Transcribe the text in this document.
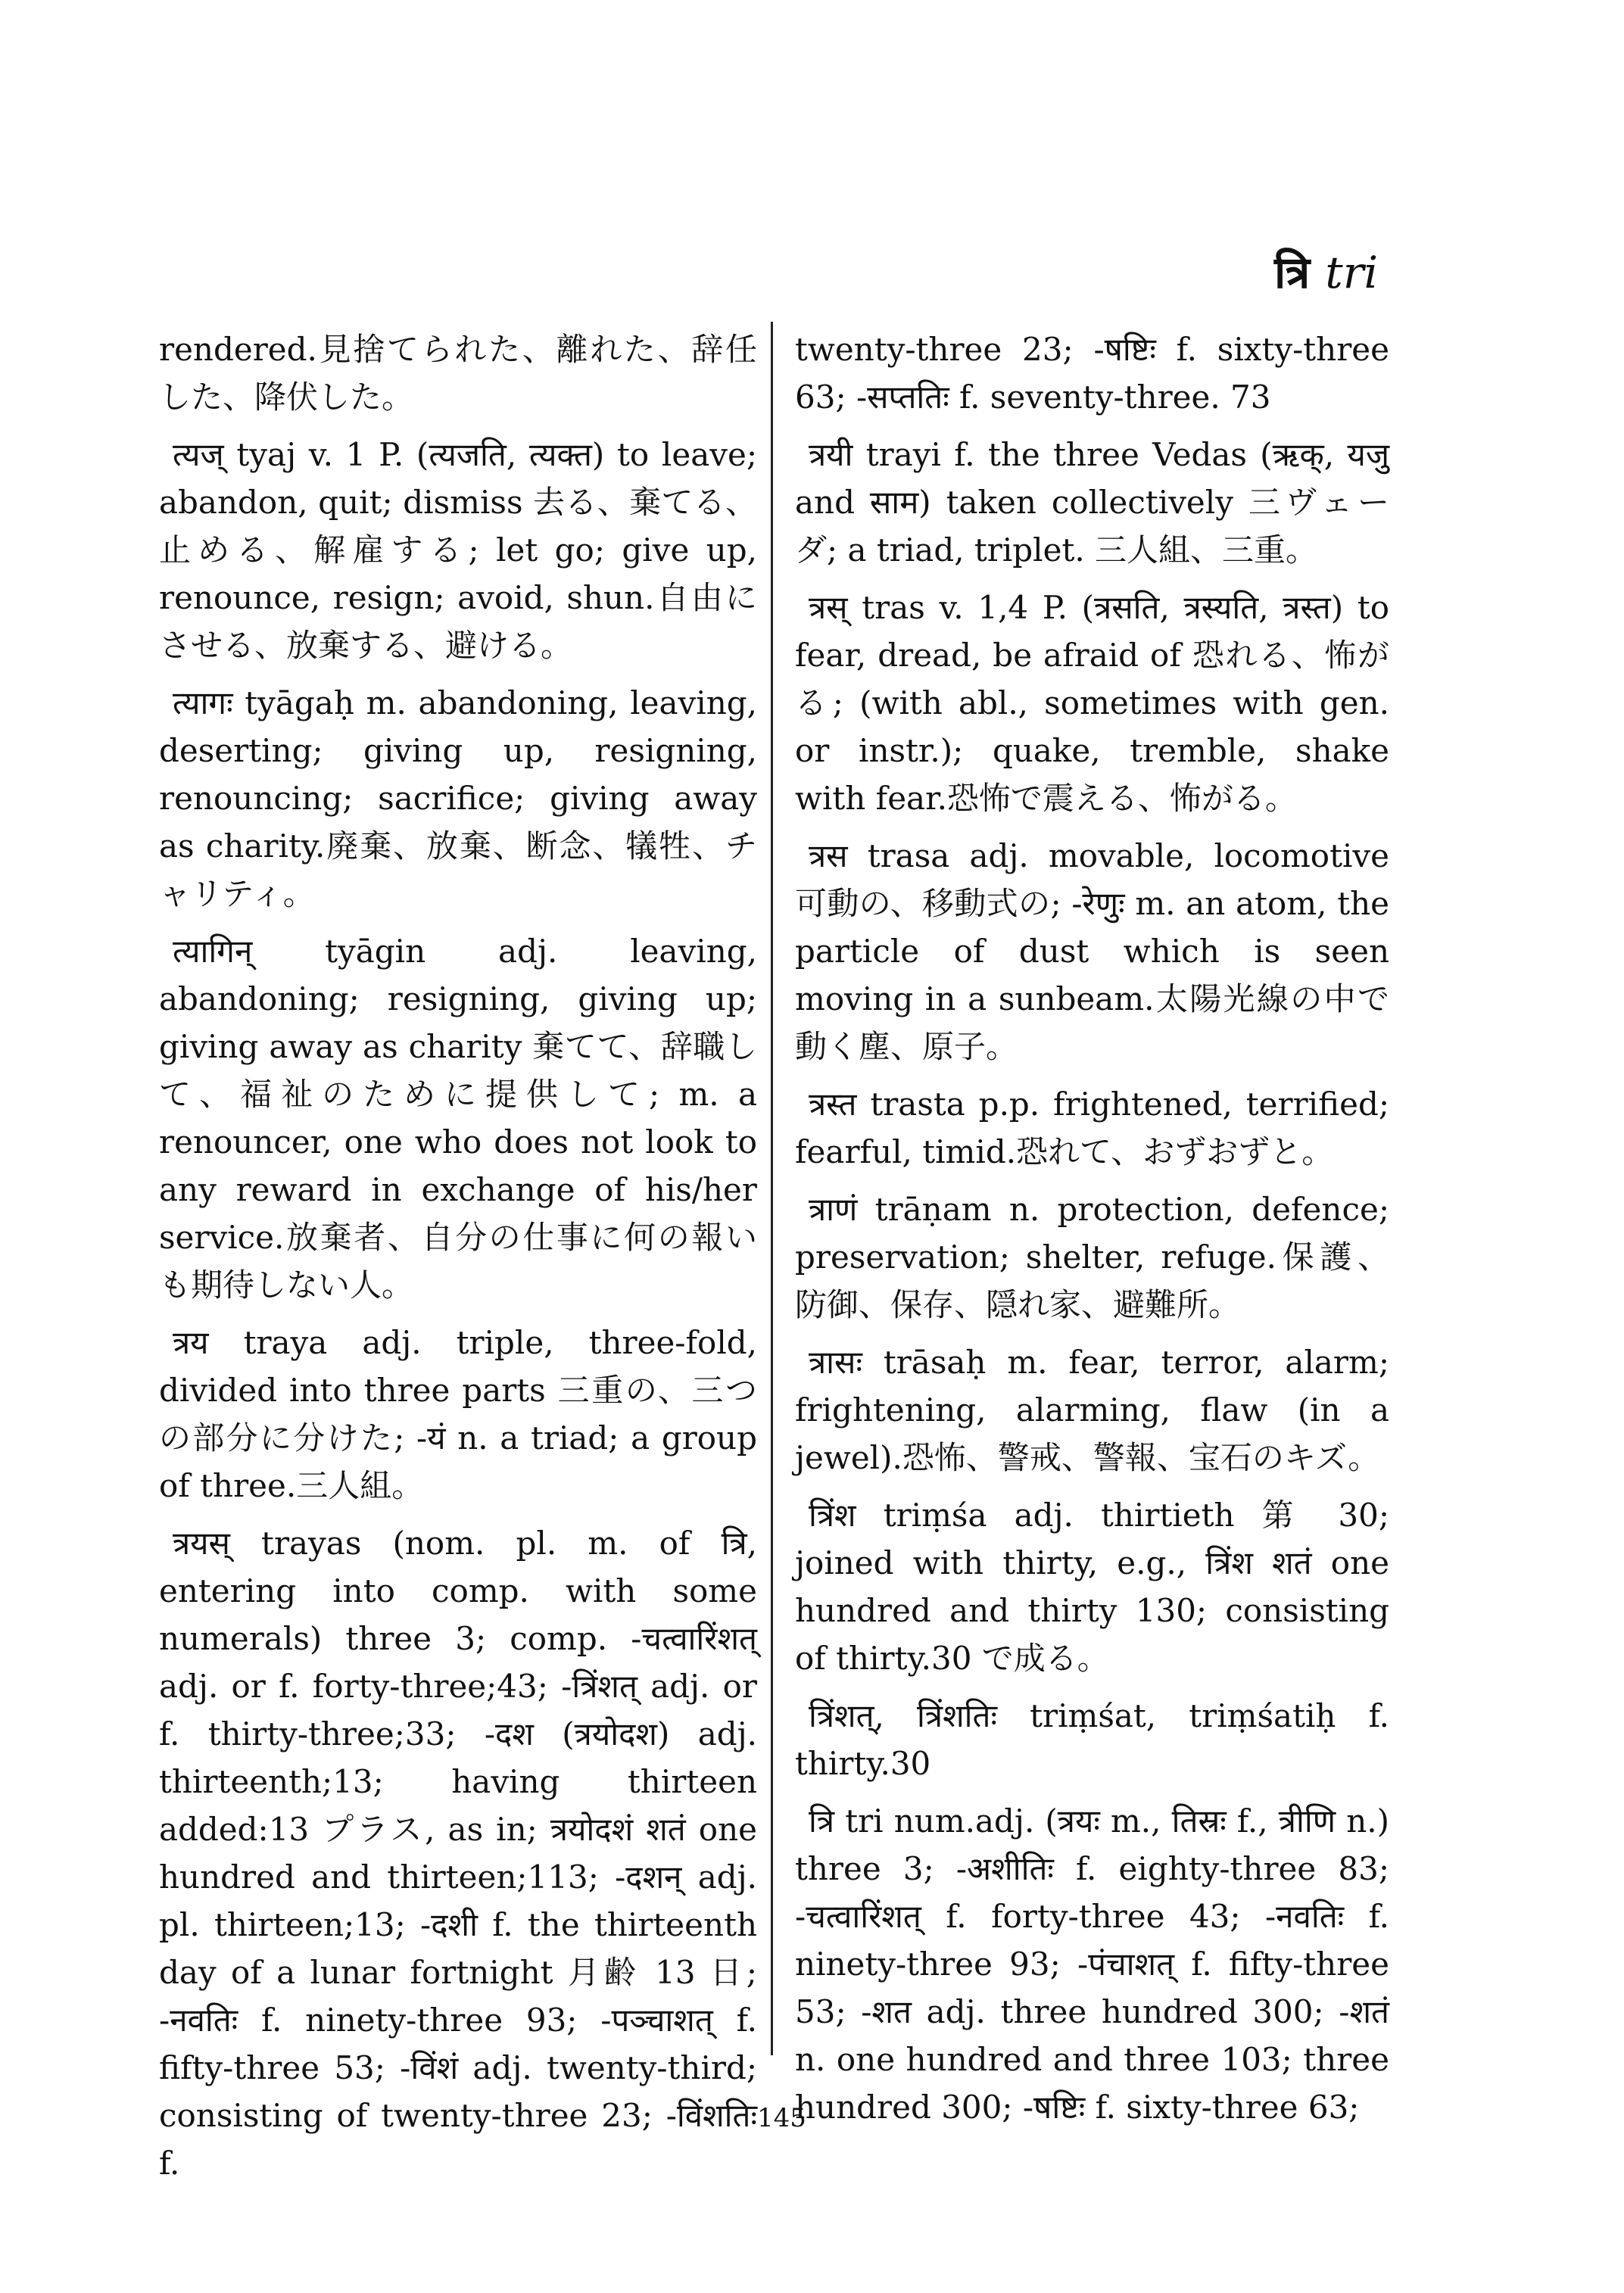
त्रि tri

rendered.見捨てられた、離れた、辞任した、降伏した。

त्यज् tyaj v. 1 P. (त्यजति, त्यक्त) to leave; abandon, quit; dismiss 去る、棄てる、止める、解雇する; let go; give up, renounce, resign; avoid, shun.自由にさせる、放棄する、避ける。

त्यागः tyāgaḥ m. abandoning, leaving, deserting; giving up, resigning, renouncing; sacrifice; giving away as charity.廃棄、放棄、断念、犠牲、チャリティ。

त्यागिन् tyāgin adj. leaving, abandoning; resigning, giving up; giving away as charity 棄てて、辞職して、福祉のために提供して; m. a renouncer, one who does not look to any reward in exchange of his/her service.放棄者、自分の仕事に何の報いも期待しない人。

त्रय traya adj. triple, three-fold, divided into three parts 三重の、三つの部分に分けた; -यं n. a triad; a group of three.三人組。

त्रयस् trayas (nom. pl. m. of त्रि, entering into comp. with some numerals) three 3; comp. -चत्वारिंशत् adj. or f. forty-three;43; -त्रिंशत् adj. or f. thirty-three;33; -दश (त्रयोदश) adj. thirteenth;13; having thirteen added:13 プラス, as in; त्रयोदशं शतं one hundred and thirteen;113; -दशन् adj. pl. thirteen;13; -दशी f. the thirteenth day of a lunar fortnight 月齢 13 日; -नवतिः f. ninety-three 93; -पञ्चाशत् f. fifty-three 53; -विंशं adj. twenty-third; consisting of twenty-three 23; -विंशतिः f.

twenty-three 23; -षष्टिः f. sixty-three 63; -सप्ततिः f. seventy-three. 73

त्रयी trayi f. the three Vedas (ऋक्, यजु and साम) taken collectively 三ヴェーダ; a triad, triplet. 三人組、三重。

त्रस् tras v. 1,4 P. (त्रसति, त्रस्यति, त्रस्त) to fear, dread, be afraid of 恐れる、怖がる; (with abl., sometimes with gen. or instr.); quake, tremble, shake with fear.恐怖で震える、怖がる。

त्रस trasa adj. movable, locomotive 可動の、移動式の; -रेणुः m. an atom, the particle of dust which is seen moving in a sunbeam.太陽光線の中で動く塵、原子。

त्रस्त trasta p.p. frightened, terrified; fearful, timid.恐れて、おずおずと。

त्राणं trāṇam n. protection, defence; preservation; shelter, refuge.保護、防御、保存、隠れ家、避難所。

त्रासः trāsaḥ m. fear, terror, alarm; frightening, alarming, flaw (in a jewel).恐怖、警戒、警報、宝石のキズ。

त्रिंश triṃśa adj. thirtieth 第 30; joined with thirty, e.g., त्रिंश शतं one hundred and thirty 130; consisting of thirty.30 で成る。

त्रिंशत्, त्रिंशतिः triṃśat, triṃśatiḥ f. thirty.30

त्रि tri num.adj. (त्रयः m., तिस्रः f., त्रीणि n.) three 3; -अशीतिः f. eighty-three 83; -चत्वारिंशत् f. forty-three 43; -नवतिः f. ninety-three 93; -पंचाशत् f. fifty-three 53; -शत adj. three hundred 300; -शतं n. one hundred and three 103; three hundred 300; -षष्टिः f. sixty-three 63;

145
